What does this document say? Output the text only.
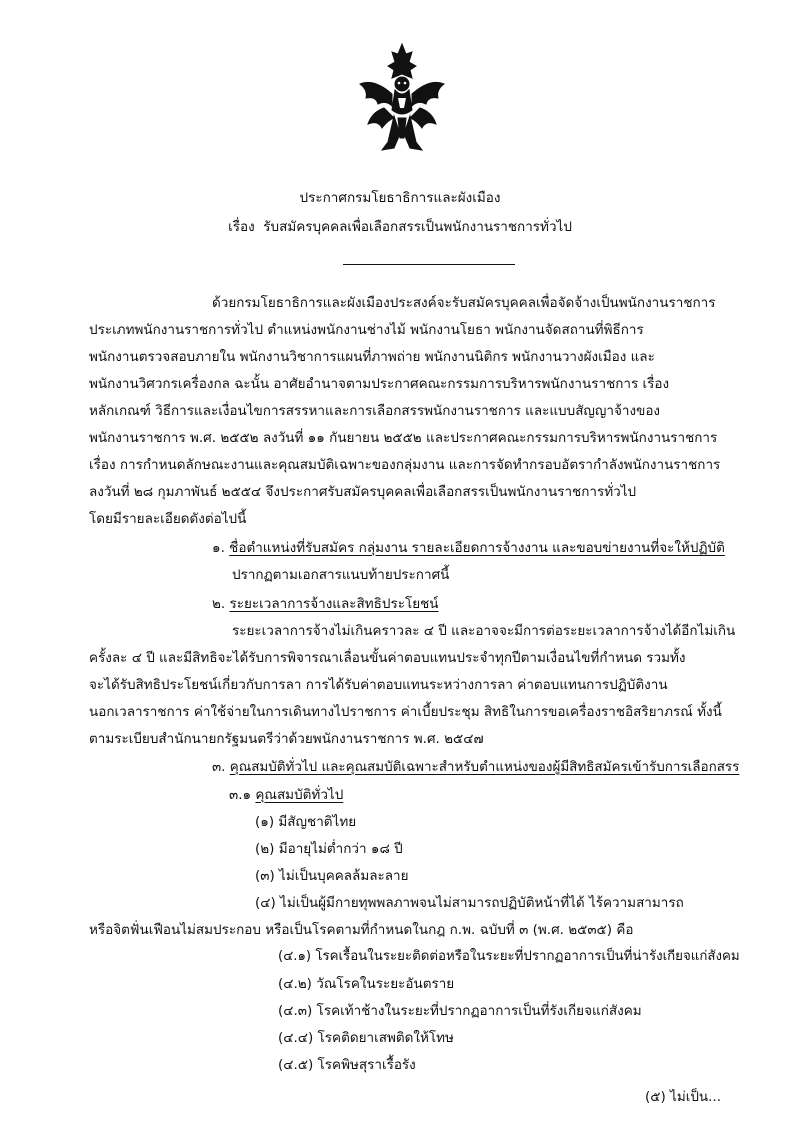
ประกาศกรมโยธาธิการและผังเมือง
เรื่อง รับสมัครบุคคลเพื่อเลือกสรรเป็นพนักงานราชการทั่วไป
ด้วยกรมโยธาธิการและผังเมืองประสงค์จะรับสมัครบุคคลเพื่อจัดจ้างเป็นพนักงานราชการ
ประเภทพนักงานราชการทั่วไป ตำแหน่งพนักงานช่างไม้ พนักงานโยธา พนักงานจัดสถานที่พิธีการ
พนักงานตรวจสอบภายใน พนักงานวิชาการแผนที่ภาพถ่าย พนักงานนิติกร พนักงานวางผังเมือง และ
พนักงานวิศวกรเครื่องกล ฉะนั้น อาศัยอำนาจตามประกาศคณะกรรมการบริหารพนักงานราชการ เรื่อง
หลักเกณฑ์ วิธีการและเงื่อนไขการสรรหาและการเลือกสรรพนักงานราชการ และแบบสัญญาจ้างของ
พนักงานราชการ พ.ศ. ๒๕๕๒ ลงวันที่ ๑๑ กันยายน ๒๕๕๒ และประกาศคณะกรรมการบริหารพนักงานราชการ
เรื่อง การกำหนดลักษณะงานและคุณสมบัติเฉพาะของกลุ่มงาน และการจัดทำกรอบอัตรากำลังพนักงานราชการ
ลงวันที่ ๒๘ กุมภาพันธ์ ๒๕๕๔ จึงประกาศรับสมัครบุคคลเพื่อเลือกสรรเป็นพนักงานราชการทั่วไป
โดยมีรายละเอียดดังต่อไปนี้
๑. ชื่อตำแหน่งที่รับสมัคร กลุ่มงาน รายละเอียดการจ้างงาน และขอบข่ายงานที่จะให้ปฏิบัติ
ปรากฏตามเอกสารแนบท้ายประกาศนี้
๒. ระยะเวลาการจ้างและสิทธิประโยชน์
ระยะเวลาการจ้างไม่เกินคราวละ ๔ ปี และอาจจะมีการต่อระยะเวลาการจ้างได้อีกไม่เกิน
ครั้งละ ๔ ปี และมีสิทธิจะได้รับการพิจารณาเลื่อนขั้นค่าตอบแทนประจำทุกปีตามเงื่อนไขที่กำหนด รวมทั้ง
จะได้รับสิทธิประโยชน์เกี่ยวกับการลา การได้รับค่าตอบแทนระหว่างการลา ค่าตอบแทนการปฏิบัติงาน
นอกเวลาราชการ ค่าใช้จ่ายในการเดินทางไปราชการ ค่าเบี้ยประชุม สิทธิในการขอเครื่องราชอิสริยาภรณ์ ทั้งนี้
ตามระเบียบสำนักนายกรัฐมนตรีว่าด้วยพนักงานราชการ พ.ศ. ๒๕๔๗
๓. คุณสมบัติทั่วไป และคุณสมบัติเฉพาะสำหรับตำแหน่งของผู้มีสิทธิสมัครเข้ารับการเลือกสรร
๓.๑ คุณสมบัติทั่วไป
(๑) มีสัญชาติไทย
(๒) มีอายุไม่ต่ำกว่า ๑๘ ปี
(๓) ไม่เป็นบุคคลล้มละลาย
(๔) ไม่เป็นผู้มีกายทุพพลภาพจนไม่สามารถปฏิบัติหน้าที่ได้ ไร้ความสามารถ
หรือจิตฟั่นเฟือนไม่สมประกอบ หรือเป็นโรคตามที่กำหนดในกฎ ก.พ. ฉบับที่ ๓ (พ.ศ. ๒๕๓๕) คือ
(๔.๑) โรคเรื้อนในระยะติดต่อหรือในระยะที่ปรากฏอาการเป็นที่น่ารังเกียจแก่สังคม
(๔.๒) วัณโรคในระยะอันตราย
(๔.๓) โรคเท้าช้างในระยะที่ปรากฏอาการเป็นที่รังเกียจแก่สังคม
(๔.๔) โรคติดยาเสพติดให้โทษ
(๔.๕) โรคพิษสุราเรื้อรัง
(๕) ไม่เป็น...
